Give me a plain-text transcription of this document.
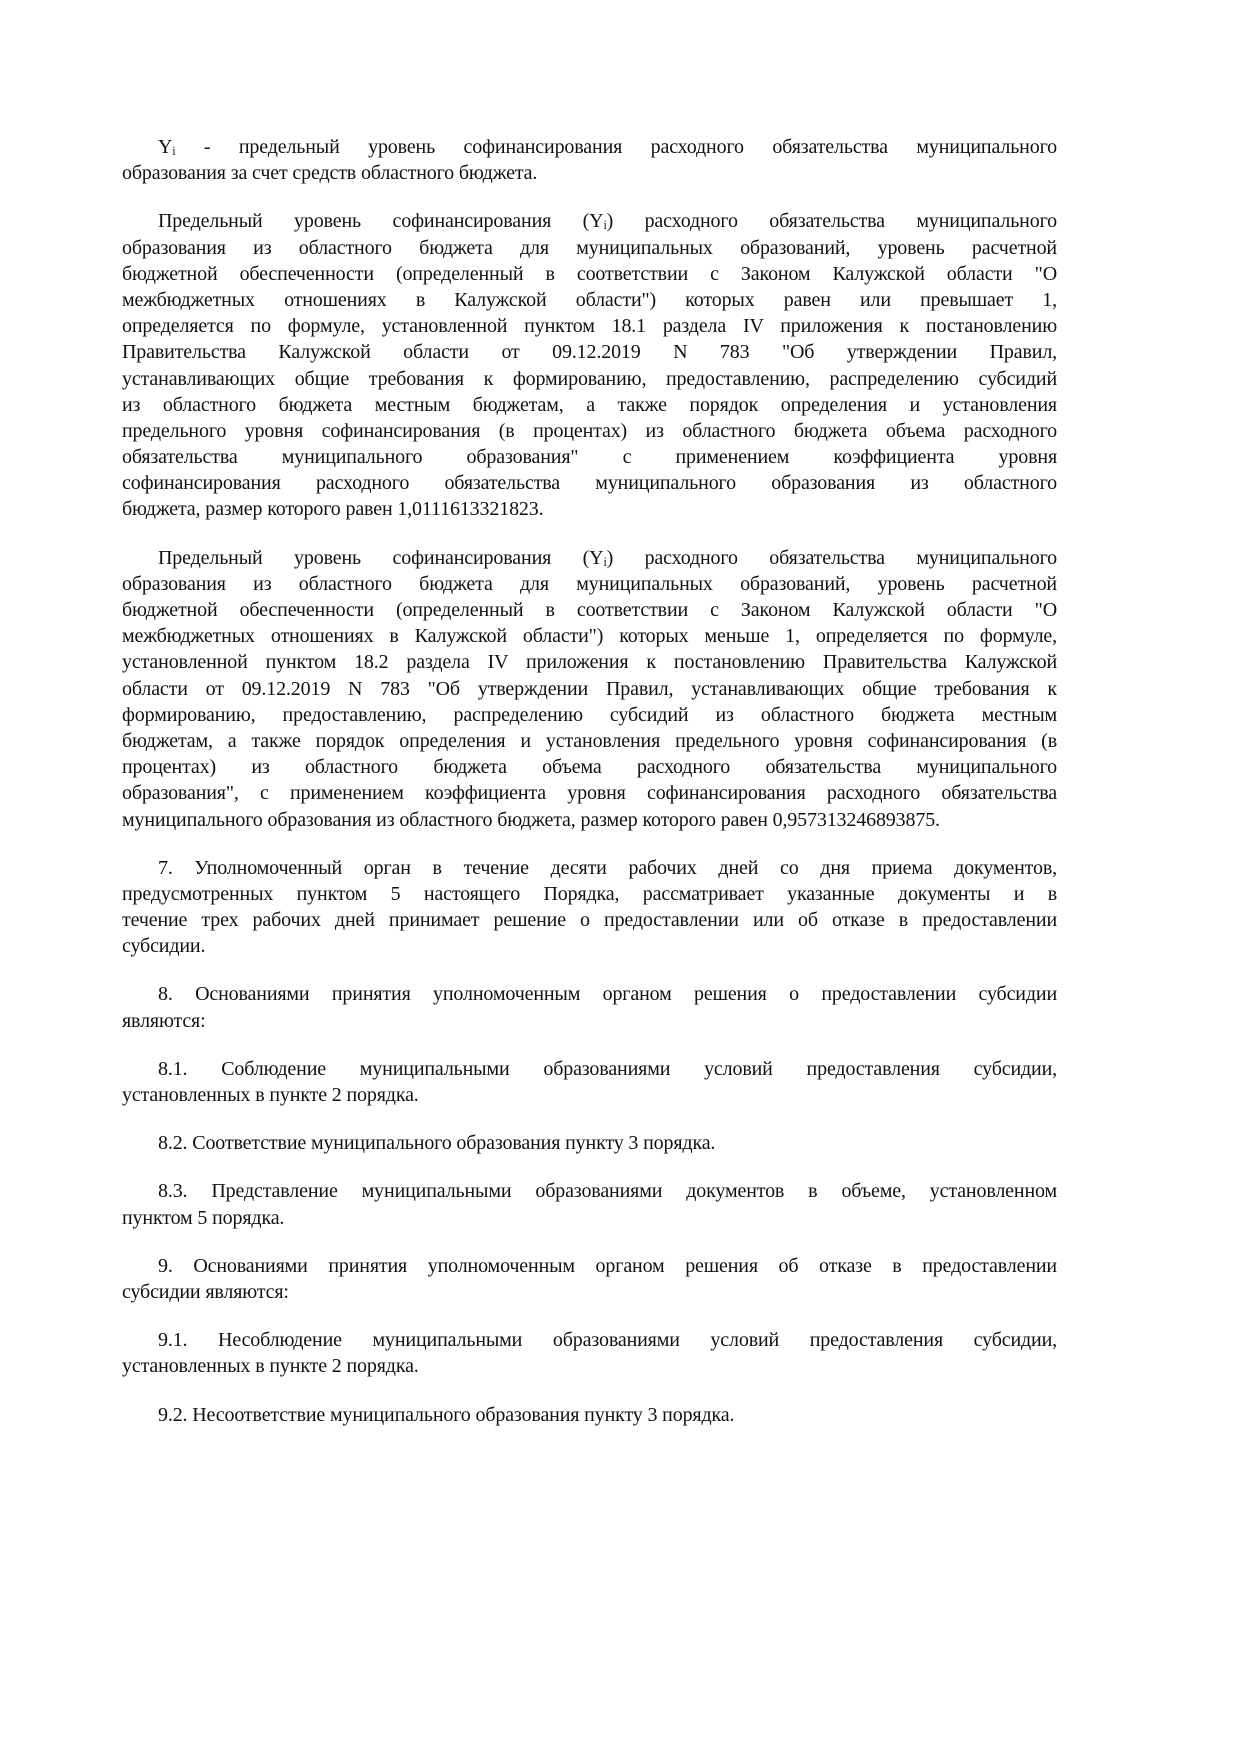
Yᵢ - предельный уровень софинансирования расходного обязательства муниципального
образования за счет средств областного бюджета.
Предельный уровень софинансирования (Yᵢ) расходного обязательства муниципального
образования из областного бюджета для муниципальных образований, уровень расчетной
бюджетной обеспеченности (определенный в соответствии с Законом Калужской области "О
межбюджетных отношениях в Калужской области") которых равен или превышает 1,
определяется по формуле, установленной пунктом 18.1 раздела IV приложения к постановлению
Правительства Калужской области от 09.12.2019 N 783 "Об утверждении Правил,
устанавливающих общие требования к формированию, предоставлению, распределению субсидий
из областного бюджета местным бюджетам, а также порядок определения и установления
предельного уровня софинансирования (в процентах) из областного бюджета объема расходного
обязательства муниципального образования" с применением коэффициента уровня
софинансирования расходного обязательства муниципального образования из областного
бюджета, размер которого равен 1,0111613321823.
Предельный уровень софинансирования (Yᵢ) расходного обязательства муниципального
образования из областного бюджета для муниципальных образований, уровень расчетной
бюджетной обеспеченности (определенный в соответствии с Законом Калужской области "О
межбюджетных отношениях в Калужской области") которых меньше 1, определяется по формуле,
установленной пунктом 18.2 раздела IV приложения к постановлению Правительства Калужской
области от 09.12.2019 N 783 "Об утверждении Правил, устанавливающих общие требования к
формированию, предоставлению, распределению субсидий из областного бюджета местным
бюджетам, а также порядок определения и установления предельного уровня софинансирования (в
процентах) из областного бюджета объема расходного обязательства муниципального
образования", с применением коэффициента уровня софинансирования расходного обязательства
муниципального образования из областного бюджета, размер которого равен 0,957313246893875.
7. Уполномоченный орган в течение десяти рабочих дней со дня приема документов,
предусмотренных пунктом 5 настоящего Порядка, рассматривает указанные документы и в
течение трех рабочих дней принимает решение о предоставлении или об отказе в предоставлении
субсидии.
8. Основаниями принятия уполномоченным органом решения о предоставлении субсидии
являются:
8.1. Соблюдение муниципальными образованиями условий предоставления субсидии,
установленных в пункте 2 порядка.
8.2. Соответствие муниципального образования пункту 3 порядка.
8.3. Представление муниципальными образованиями документов в объеме, установленном
пунктом 5 порядка.
9. Основаниями принятия уполномоченным органом решения об отказе в предоставлении
субсидии являются:
9.1. Несоблюдение муниципальными образованиями условий предоставления субсидии,
установленных в пункте 2 порядка.
9.2. Несоответствие муниципального образования пункту 3 порядка.
